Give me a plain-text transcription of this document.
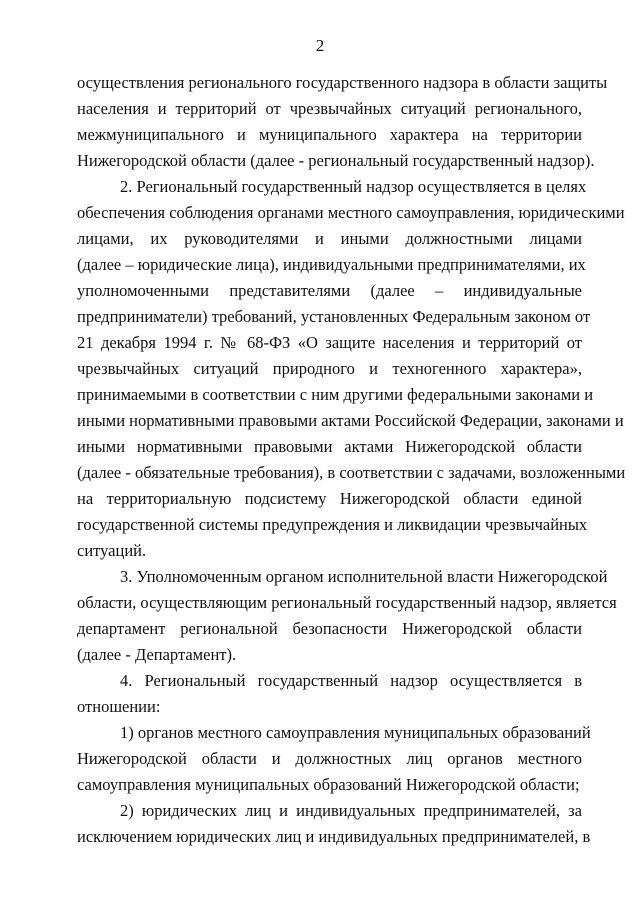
2
осуществления регионального государственного надзора в области защиты
населения и территорий от чрезвычайных ситуаций регионального,
межмуниципального и муниципального характера на территории
Нижегородской области (далее - региональный государственный надзор).
2. Региональный государственный надзор осуществляется в целях
обеспечения соблюдения органами местного самоуправления, юридическими
лицами, их руководителями и иными должностными лицами
(далее – юридические лица), индивидуальными предпринимателями, их
уполномоченными представителями (далее – индивидуальные
предприниматели) требований, установленных Федеральным законом от
21 декабря 1994 г. № 68-ФЗ «О защите населения и территорий от
чрезвычайных ситуаций природного и техногенного характера»,
принимаемыми в соответствии с ним другими федеральными законами и
иными нормативными правовыми актами Российской Федерации, законами и
иными нормативными правовыми актами Нижегородской области
(далее - обязательные требования), в соответствии с задачами, возложенными
на территориальную подсистему Нижегородской области единой
государственной системы предупреждения и ликвидации чрезвычайных
ситуаций.
3. Уполномоченным органом исполнительной власти Нижегородской
области, осуществляющим региональный государственный надзор, является
департамент региональной безопасности Нижегородской области
(далее - Департамент).
4. Региональный государственный надзор осуществляется в
отношении:
1) органов местного самоуправления муниципальных образований
Нижегородской области и должностных лиц органов местного
самоуправления муниципальных образований Нижегородской области;
2) юридических лиц и индивидуальных предпринимателей, за
исключением юридических лиц и индивидуальных предпринимателей, в
